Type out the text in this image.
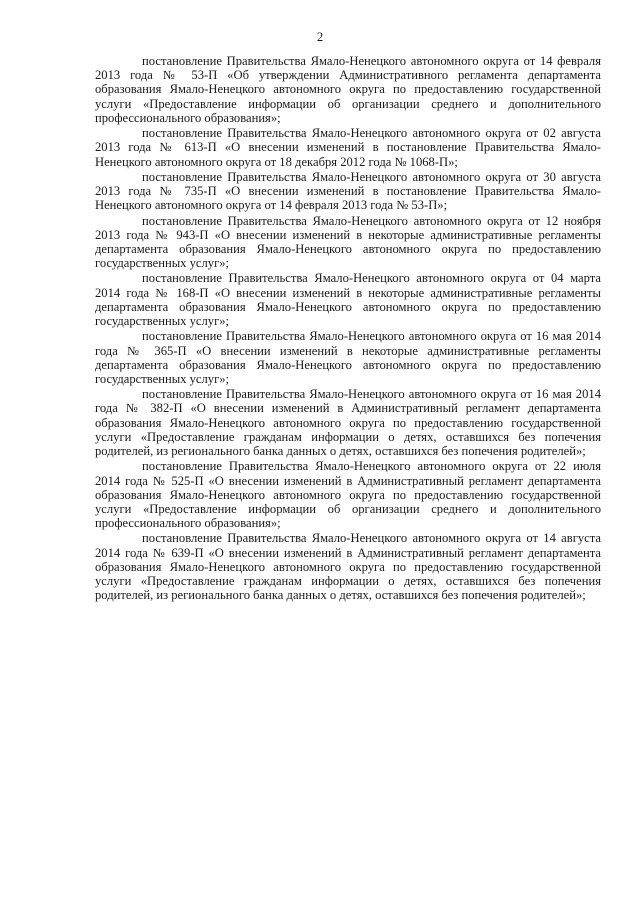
2

постановление Правительства Ямало-Ненецкого автономного округа от 14 февраля 2013 года № 53-П «Об утверждении Административного регламента департамента образования Ямало-Ненецкого автономного округа по предоставлению государственной услуги «Предоставление информации об организации среднего и дополнительного профессионального образования»;

постановление Правительства Ямало-Ненецкого автономного округа от 02 августа 2013 года № 613-П «О внесении изменений в постановление Правительства Ямало-Ненецкого автономного округа от 18 декабря 2012 года № 1068-П»;

постановление Правительства Ямало-Ненецкого автономного округа от 30 августа 2013 года № 735-П «О внесении изменений в постановление Правительства Ямало-Ненецкого автономного округа от 14 февраля 2013 года № 53-П»;

постановление Правительства Ямало-Ненецкого автономного округа от 12 ноября 2013 года № 943-П «О внесении изменений в некоторые административные регламенты департамента образования Ямало-Ненецкого автономного округа по предоставлению государственных услуг»;

постановление Правительства Ямало-Ненецкого автономного округа от 04 марта 2014 года № 168-П «О внесении изменений в некоторые административные регламенты департамента образования Ямало-Ненецкого автономного округа по предоставлению государственных услуг»;

постановление Правительства Ямало-Ненецкого автономного округа от 16 мая 2014 года № 365-П «О внесении изменений в некоторые административные регламенты департамента образования Ямало-Ненецкого автономного округа по предоставлению государственных услуг»;

постановление Правительства Ямало-Ненецкого автономного округа от 16 мая 2014 года № 382-П «О внесении изменений в Административный регламент департамента образования Ямало-Ненецкого автономного округа по предоставлению государственной услуги «Предоставление гражданам информации о детях, оставшихся без попечения родителей, из регионального банка данных о детях, оставшихся без попечения родителей»;

постановление Правительства Ямало-Ненецкого автономного округа от 22 июля 2014 года № 525-П «О внесении изменений в Административный регламент департамента образования Ямало-Ненецкого автономного округа по предоставлению государственной услуги «Предоставление информации об организации среднего и дополнительного профессионального образования»;

постановление Правительства Ямало-Ненецкого автономного округа от 14 августа 2014 года № 639-П «О внесении изменений в Административный регламент департамента образования Ямало-Ненецкого автономного округа по предоставлению государственной услуги «Предоставление гражданам информации о детях, оставшихся без попечения родителей, из регионального банка данных о детях, оставшихся без попечения родителей»;
